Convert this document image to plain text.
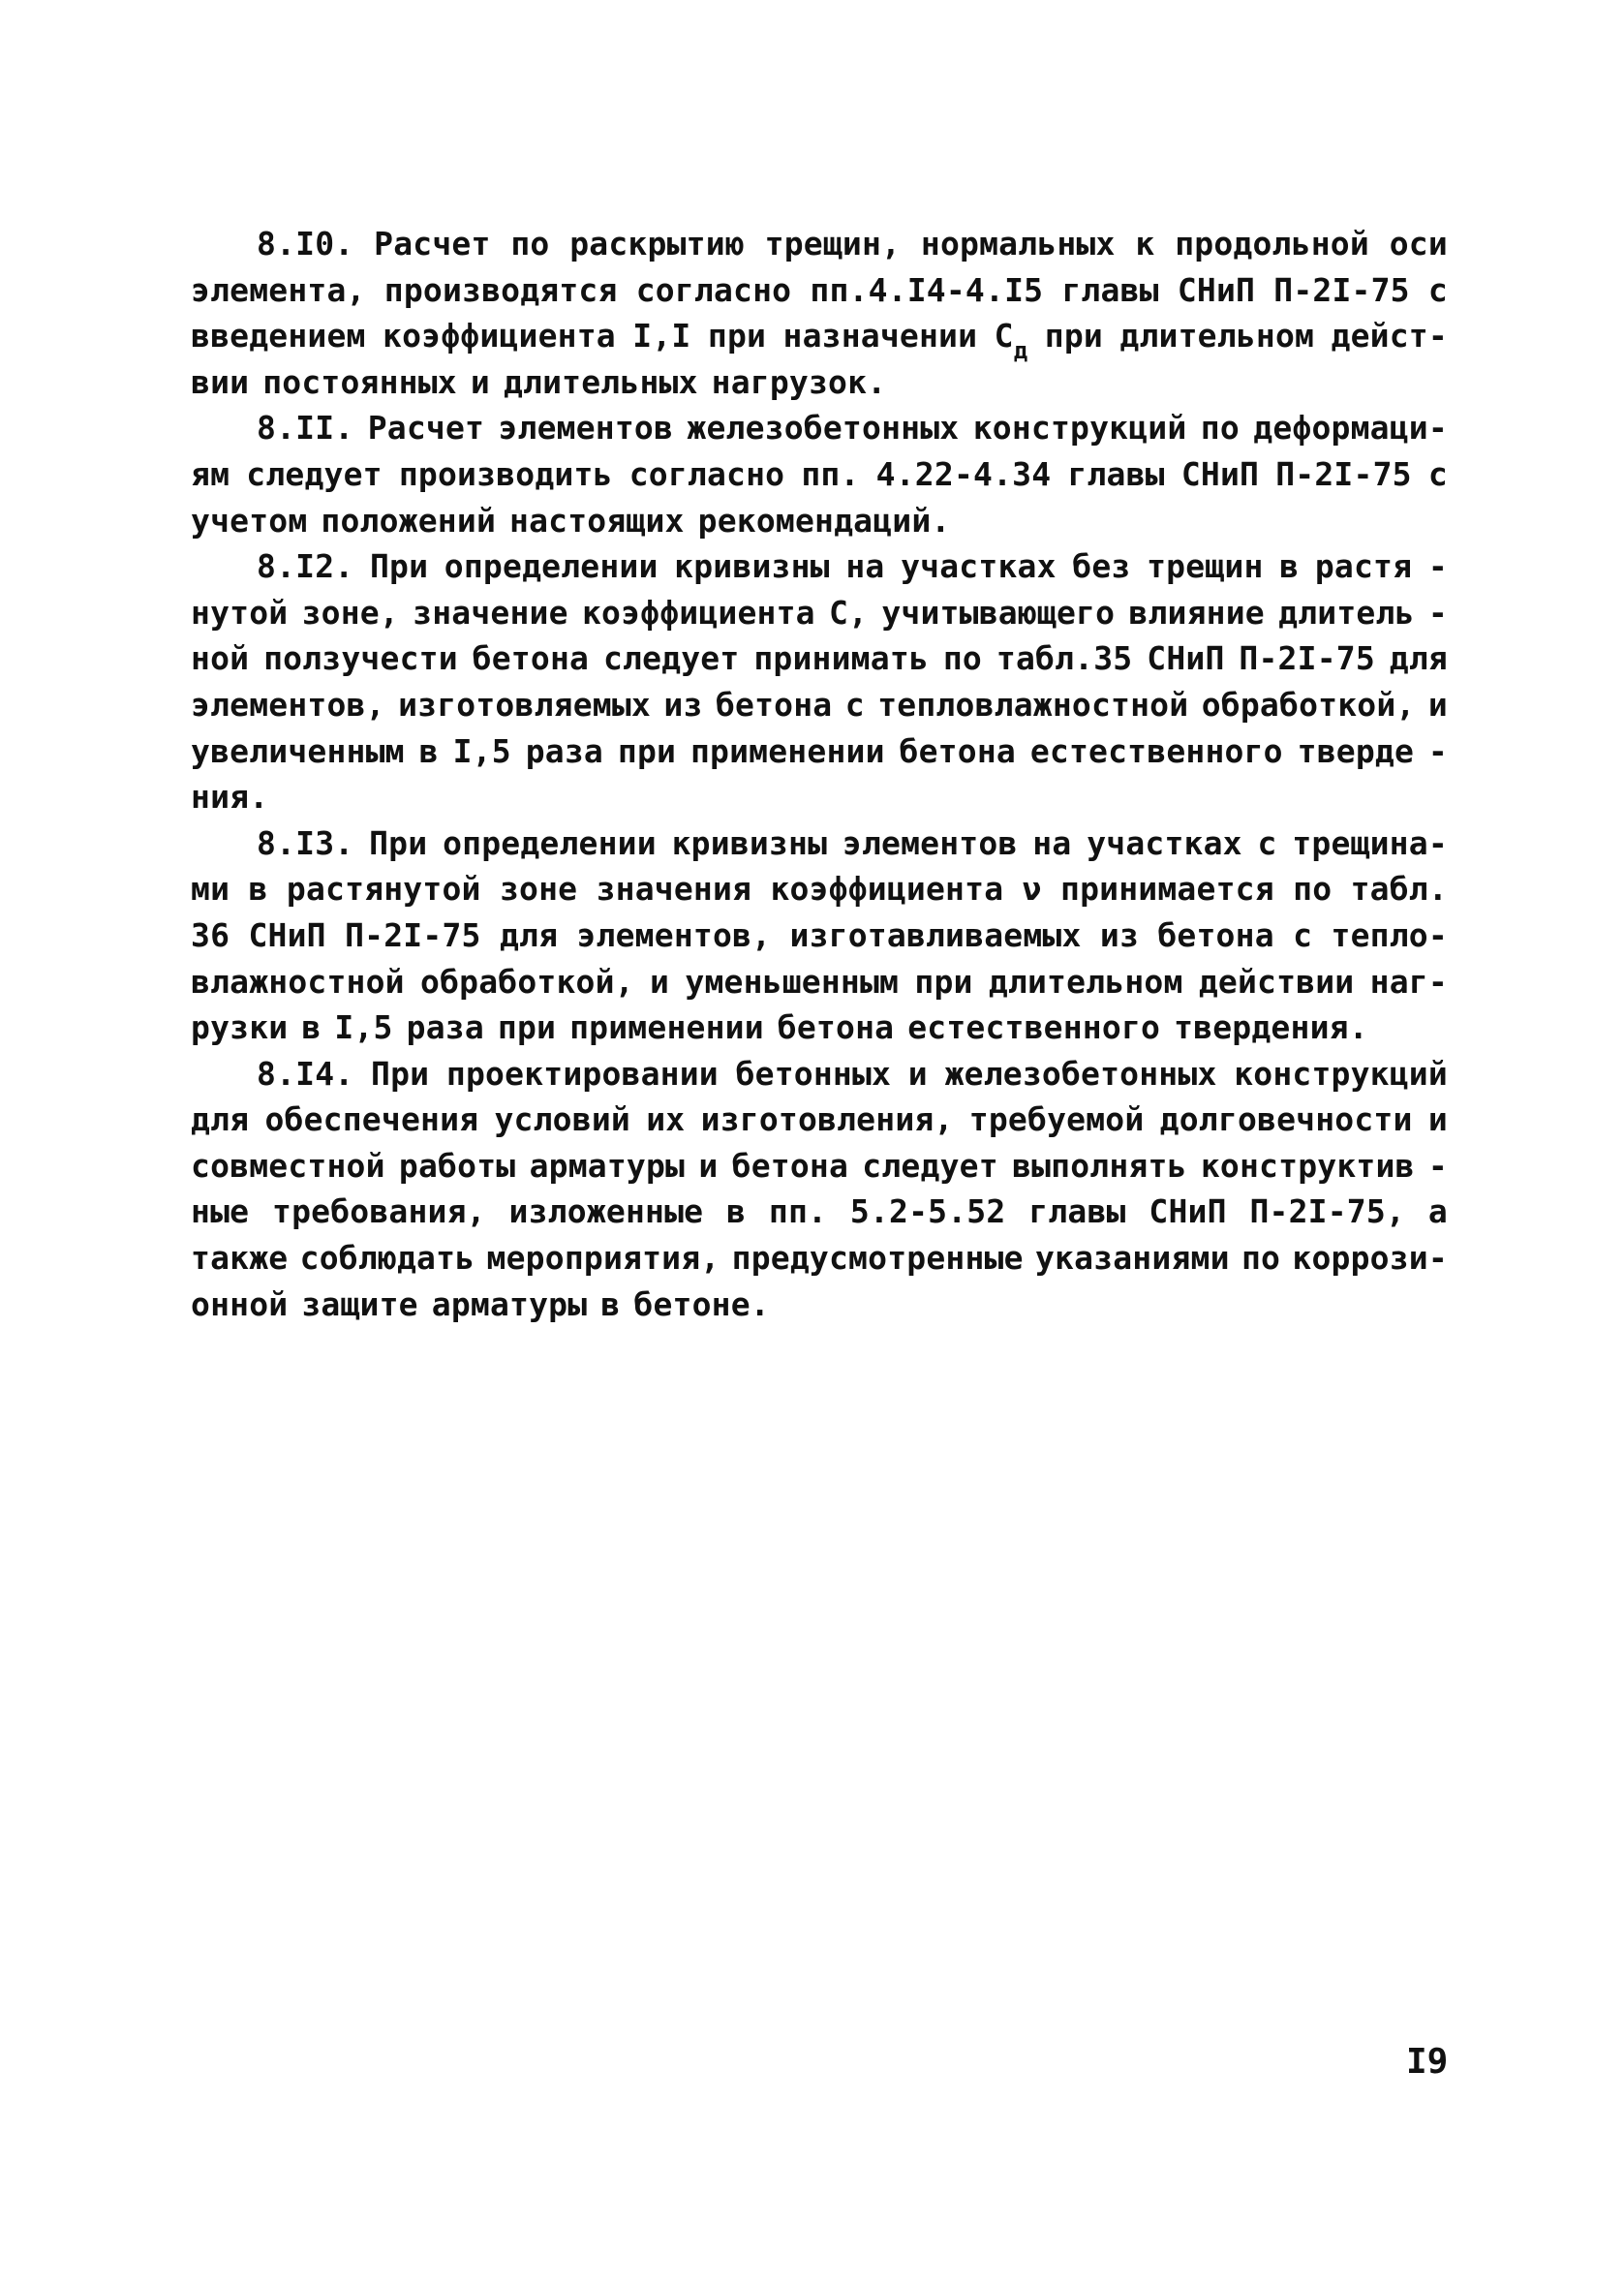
8.I0. Расчет по раскрытию трещин, нормальных к продольной оси
элемента, производятся согласно пп.4.I4-4.I5 главы СНиП П-2I-75 с
введением коэффициента I,I при назначении $С_д$ при длительном дейст-
вии постоянных и длительных нагрузок.
8.II. Расчет элементов железобетонных конструкций по деформаци-
ям следует производить согласно пп. 4.22-4.34 главы СНиП П-2I-75 с
учетом положений настоящих рекомендаций.
8.I2. При определении кривизны на участках без трещин в растя -
нутой зоне, значение коэффициента С, учитывающего влияние длитель -
ной ползучести бетона следует принимать по табл.35 СНиП П-2I-75 для
элементов, изготовляемых из бетона с тепловлажностной обработкой, и
увеличенным в I,5 раза при применении бетона естественного тверде -
ния.
8.I3. При определении кривизны элементов на участках с трещина-
ми в растянутой зоне значения коэффициента ν принимается по табл.
36 СНиП П-2I-75 для элементов, изготавливаемых из бетона с тепло-
влажностной обработкой, и уменьшенным при длительном действии наг-
рузки в I,5 раза при применении бетона естественного твердения.
8.I4. При проектировании бетонных и железобетонных конструкций
для обеспечения условий их изготовления, требуемой долговечности и
совместной работы арматуры и бетона следует выполнять конструктив -
ные требования, изложенные в пп. 5.2-5.52 главы СНиП П-2I-75, а
также соблюдать мероприятия, предусмотренные указаниями по коррози-
онной защите арматуры в бетоне.
I9
